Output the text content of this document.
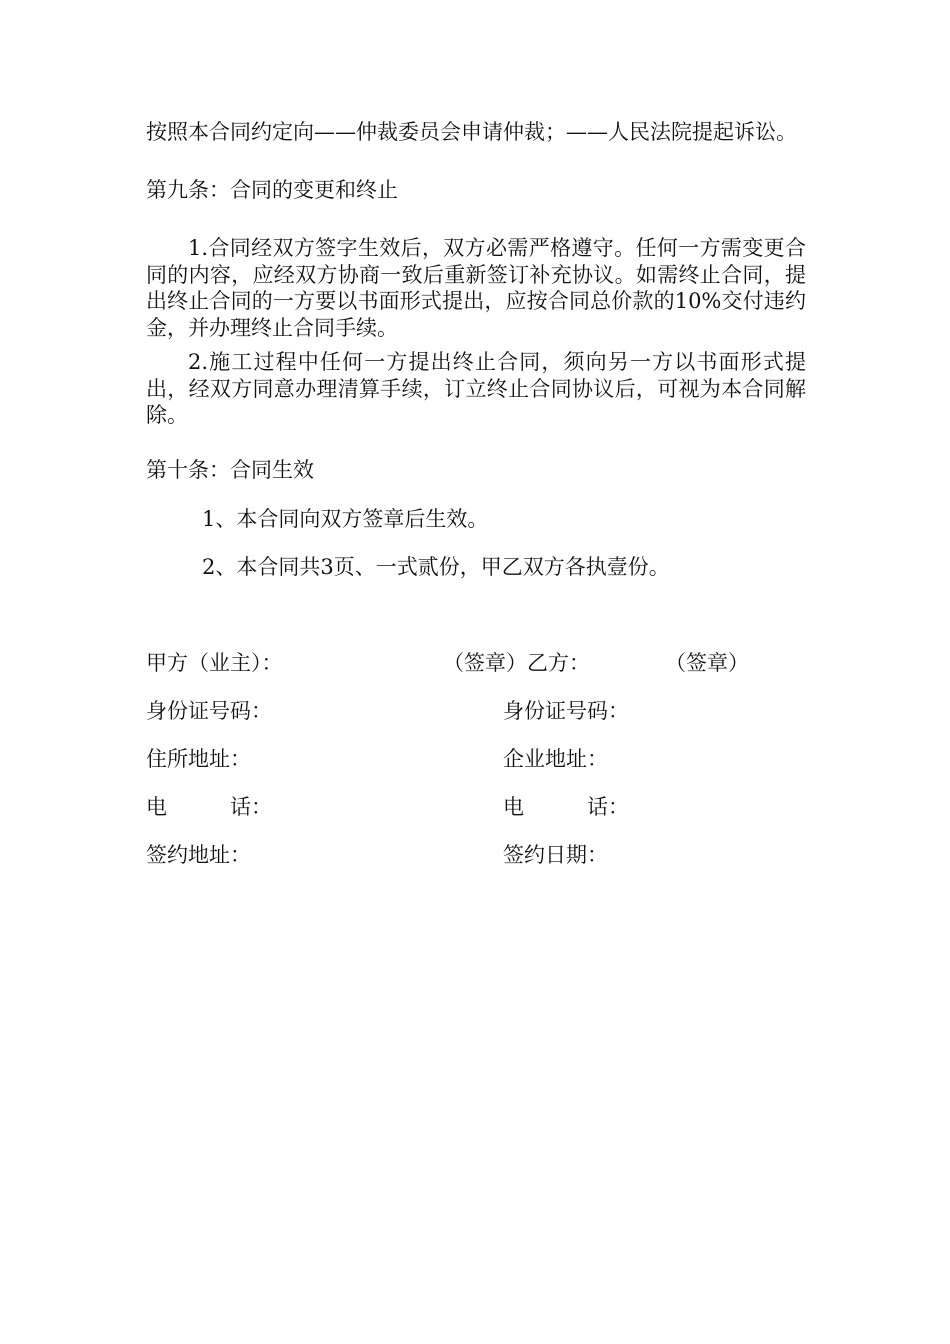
按照本合同约定向——仲裁委员会申请仲裁；——人民法院提起诉讼。
第九条：合同的变更和终止
1.合同经双方签字生效后，双方必需严格遵守。任何一方需变更合同的内容，应经双方协商一致后重新签订补充协议。如需终止合同，提出终止合同的一方要以书面形式提出，应按合同总价款的10%交付违约金，并办理终止合同手续。
2.施工过程中任何一方提出终止合同，须向另一方以书面形式提出，经双方同意办理清算手续，订立终止合同协议后，可视为本合同解除。
第十条：合同生效
1、本合同向双方签章后生效。
2、本合同共3页、一式贰份，甲乙双方各执壹份。
甲方（业主）：	（签章）乙方：	（签章）
身份证号码：	身份证号码：
住所地址：	企业地址：
电	话：	电	话：
签约地址：	签约日期：
